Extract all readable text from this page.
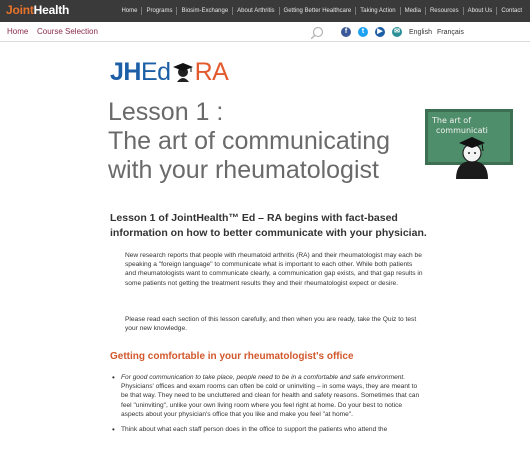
JointHealth	Home	Programs	Biosim-Exchange	About Arthritis	Getting Better Healthcare	Taking Action	Media	Resources	About Us	Contact
Home Course Selection	f	t	▶	✉ English Français
JHEd RA
Lesson 1 :
The art of communicating
with your rheumatologist
The art of
communicati

Lesson 1 of JointHealth™ Ed – RA begins with fact-based information on how to better communicate with your physician.

New research reports that people with rheumatoid arthritis (RA) and their rheumatologist may each be speaking a "foreign language" to communicate what is important to each other. While both patients and rheumatologists want to communicate clearly, a communication gap exists, and that gap results in some patients not getting the treatment results they and their rheumatologist expect or desire.

Please read each section of this lesson carefully, and then when you are ready, take the Quiz to test your new knowledge.

Getting comfortable in your rheumatologist's office
• For good communication to take place, people need to be in a comfortable and safe environment. Physicians' offices and exam rooms can often be cold or uninviting – in some ways, they are meant to be that way. They need to be uncluttered and clean for health and safety reasons. Sometimes that can feel "uninviting", unlike your own living room where you feel right at home. Do your best to notice aspects about your physician's office that you like and make you feel "at home".
• Think about what each staff person does in the office to support the patients who attend the
